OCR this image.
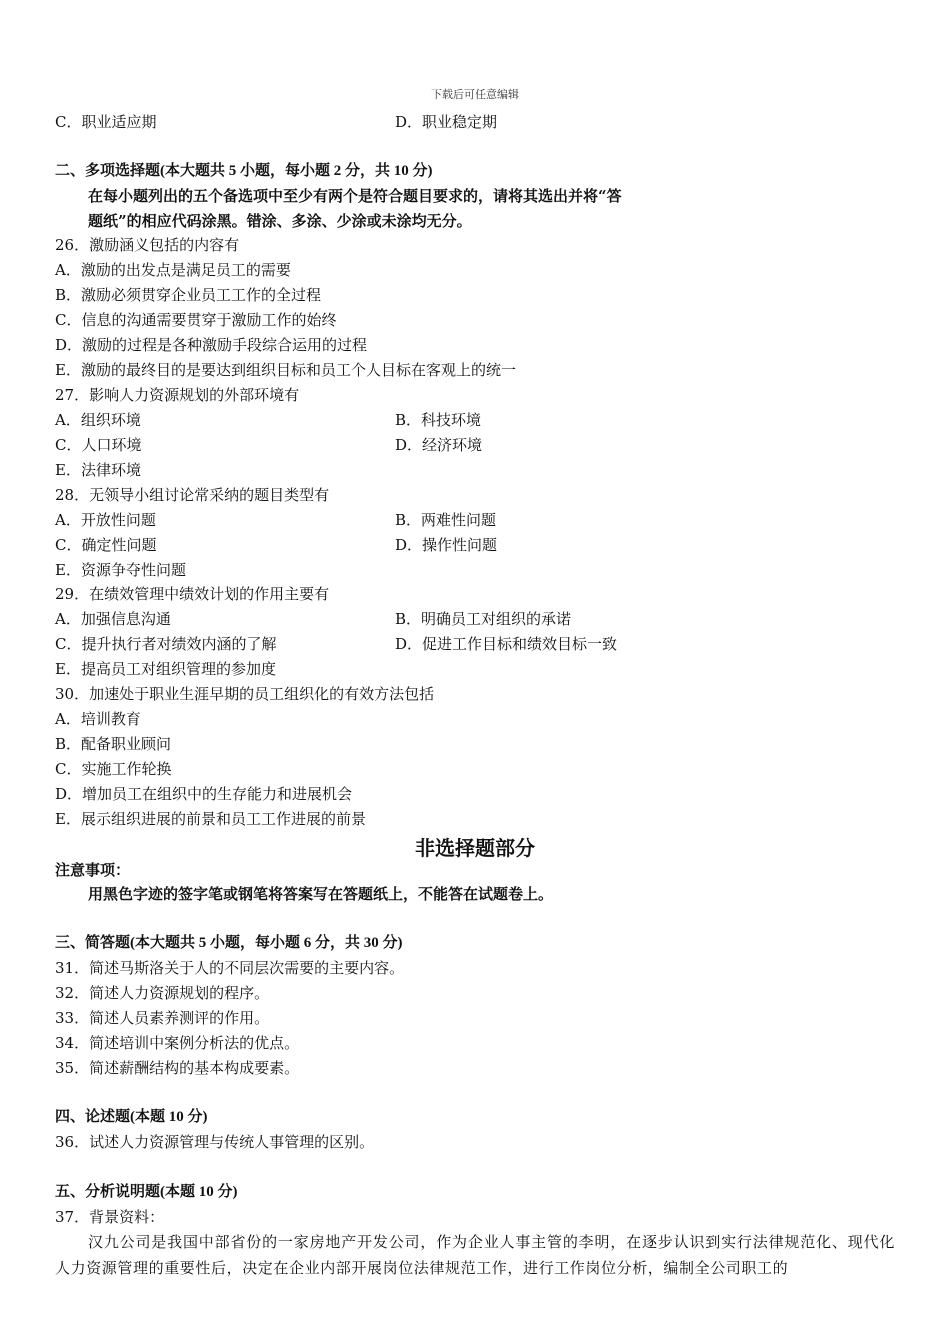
下载后可任意编辑
C．职业适应期	D．职业稳定期
二、多项选择题(本大题共 5 小题，每小题 2 分，共 10 分)
在每小题列出的五个备选项中至少有两个是符合题目要求的，请将其选出并将“答
题纸”的相应代码涂黑。错涂、多涂、少涂或未涂均无分。
26．激励涵义包括的内容有
A．激励的出发点是满足员工的需要
B．激励必须贯穿企业员工工作的全过程
C．信息的沟通需要贯穿于激励工作的始终
D．激励的过程是各种激励手段综合运用的过程
E．激励的最终目的是要达到组织目标和员工个人目标在客观上的统一
27．影响人力资源规划的外部环境有
A．组织环境	B．科技环境
C．人口环境	D．经济环境
E．法律环境
28．无领导小组讨论常采纳的题目类型有
A．开放性问题	B．两难性问题
C．确定性问题	D．操作性问题
E．资源争夺性问题
29．在绩效管理中绩效计划的作用主要有
A．加强信息沟通	B．明确员工对组织的承诺
C．提升执行者对绩效内涵的了解	D．促进工作目标和绩效目标一致
E．提高员工对组织管理的参加度
30．加速处于职业生涯早期的员工组织化的有效方法包括
A．培训教育
B．配备职业顾问
C．实施工作轮换
D．增加员工在组织中的生存能力和进展机会
E．展示组织进展的前景和员工工作进展的前景
非选择题部分
注意事项：
用黑色字迹的签字笔或钢笔将答案写在答题纸上，不能答在试题卷上。
三、简答题(本大题共 5 小题，每小题 6 分，共 30 分)
31．简述马斯洛关于人的不同层次需要的主要内容。
32．简述人力资源规划的程序。
33．简述人员素养测评的作用。
34．简述培训中案例分析法的优点。
35．简述薪酬结构的基本构成要素。
四、论述题(本题 10 分)
36．试述人力资源管理与传统人事管理的区别。
五、分析说明题(本题 10 分)
37．背景资料：
汉九公司是我国中部省份的一家房地产开发公司，作为企业人事主管的李明，在逐步认识到实行法律规范化、现代化人力资源管理的重要性后，决定在企业内部开展岗位法律规范工作，进行工作岗位分析，编制全公司职工的
